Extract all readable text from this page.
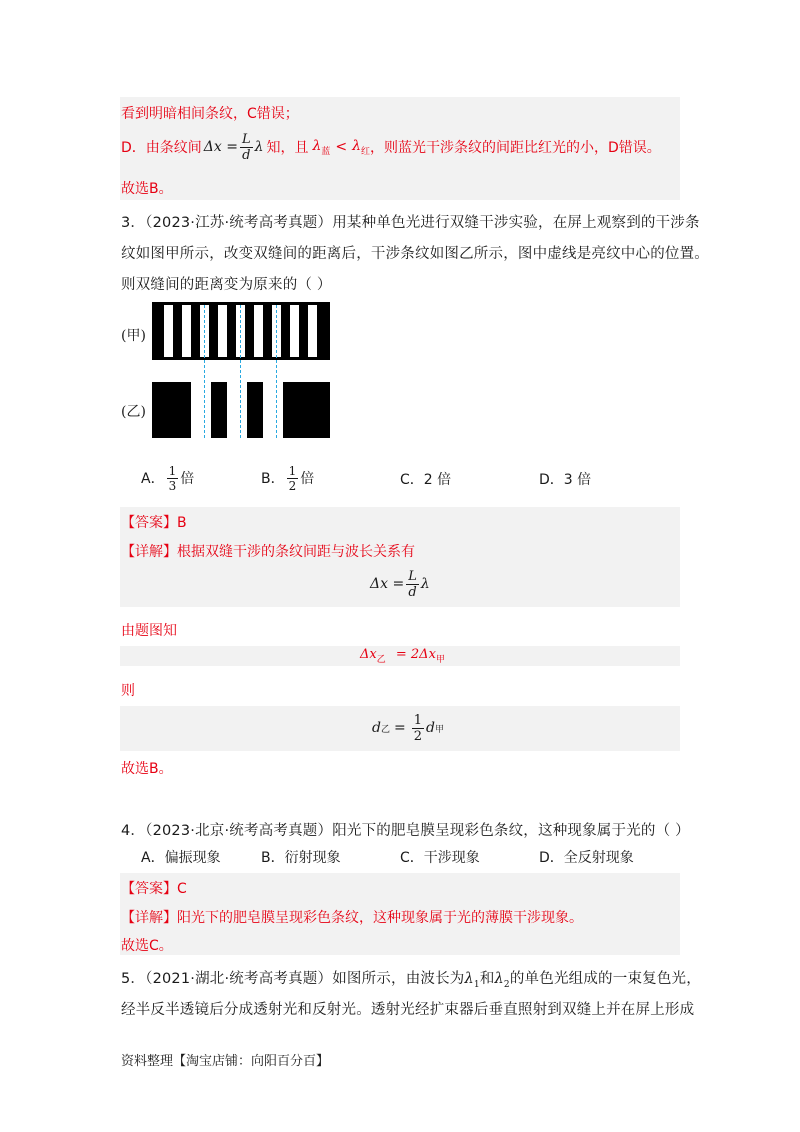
看到明暗相间条纹，C错误；
D．由条纹间 $\Delta x = \frac{L}{d}$ λ 知，且 $\lambda_蓝 < \lambda_红$ ，则蓝光干涉条纹的间距比红光的小，D错误。
故选B。
3．（2023·江苏·统考高考真题）用某种单色光进行双缝干涉实验，在屏上观察到的干涉条
纹如图甲所示，改变双缝间的距离后，干涉条纹如图乙所示，图中虚线是亮纹中心的位置。
则双缝间的距离变为原来的（ ）
(甲)
(乙)
A． $\frac{1}{3}$ 倍	B． $\frac{1}{2}$ 倍	C．2 倍	D．3 倍
【答案】B
【详解】根据双缝干涉的条纹间距与波长关系有
$\Delta x = \frac{L}{d}$ λ
由题图知
$\Delta x_乙 = 2\Delta x_甲$
则
d 乙 = $\frac{1}{2}$ d 甲
故选B。
4．（2023·北京·统考高考真题）阳光下的肥皂膜呈现彩色条纹，这种现象属于光的（ ）
A．偏振现象	B．衍射现象	C．干涉现象	D．全反射现象
【答案】C
【详解】阳光下的肥皂膜呈现彩色条纹，这种现象属于光的薄膜干涉现象。
故选C。
5．（2021·湖北·统考高考真题）如图所示，由波长为$\lambda_1$和$\lambda_2$的单色光组成的一束复色光，
经半反半透镜后分成透射光和反射光。透射光经扩束器后垂直照射到双缝上并在屏上形成
资料整理【淘宝店铺：向阳百分百】
